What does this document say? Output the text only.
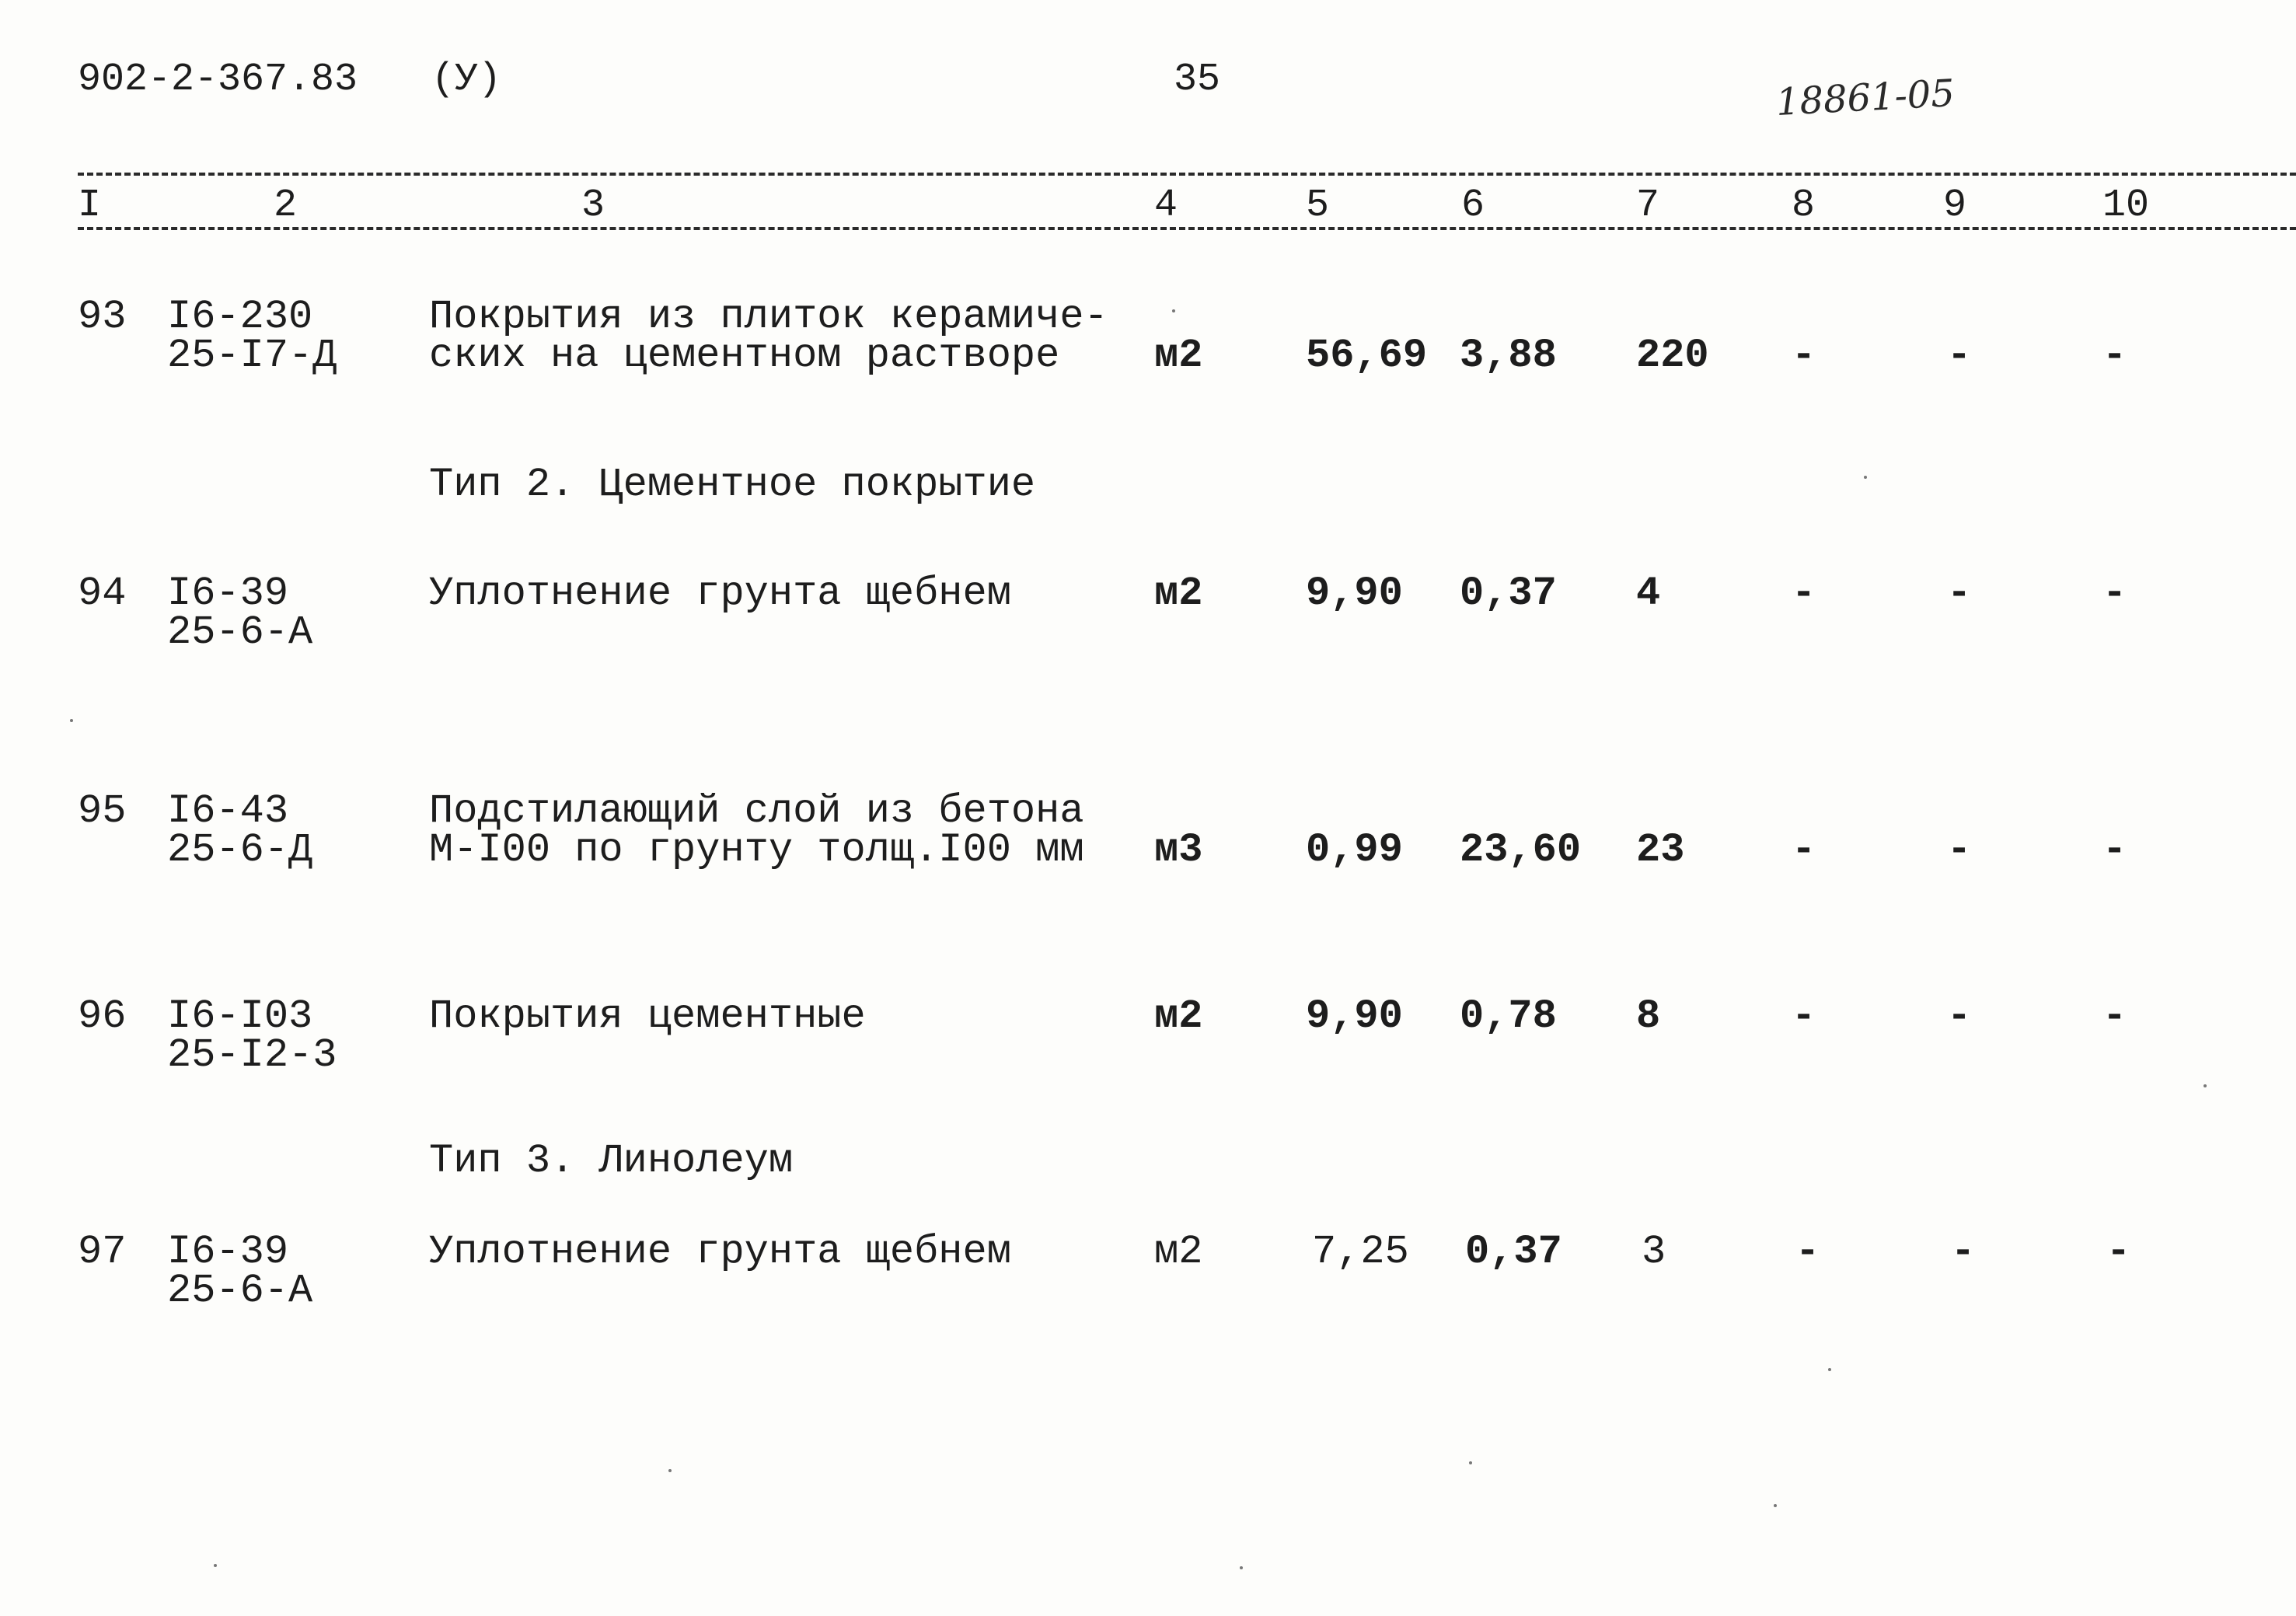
902-2-367.83 (У)	35	18861-05
I	2	3	4	5	6	7	8	9	10
93 I6-230
25-I7-Д
Покрытия из плиток керамиче-
ских на цементном растворе м2	56,69 3,88 220 -	-	-
Тип 2. Цементное покрытие
94 I6-39
25-6-А
Уплотнение грунта щебнем	м2	9,90 0,37 4	-	-	-
95 I6-43
25-6-Д
Подстилающий слой из бетона
М-I00 по грунту толщ.I00 мм м3	0,99 23,60 23	-	-	-
96 I6-I03
25-I2-3
Покрытия цементные	м2	9,90 0,78 8	-	-	-
Тип 3. Линолеум
97 I6-39
25-6-А
Уплотнение грунта щебнем	м2	7,25 0,37 3	-	-	-
